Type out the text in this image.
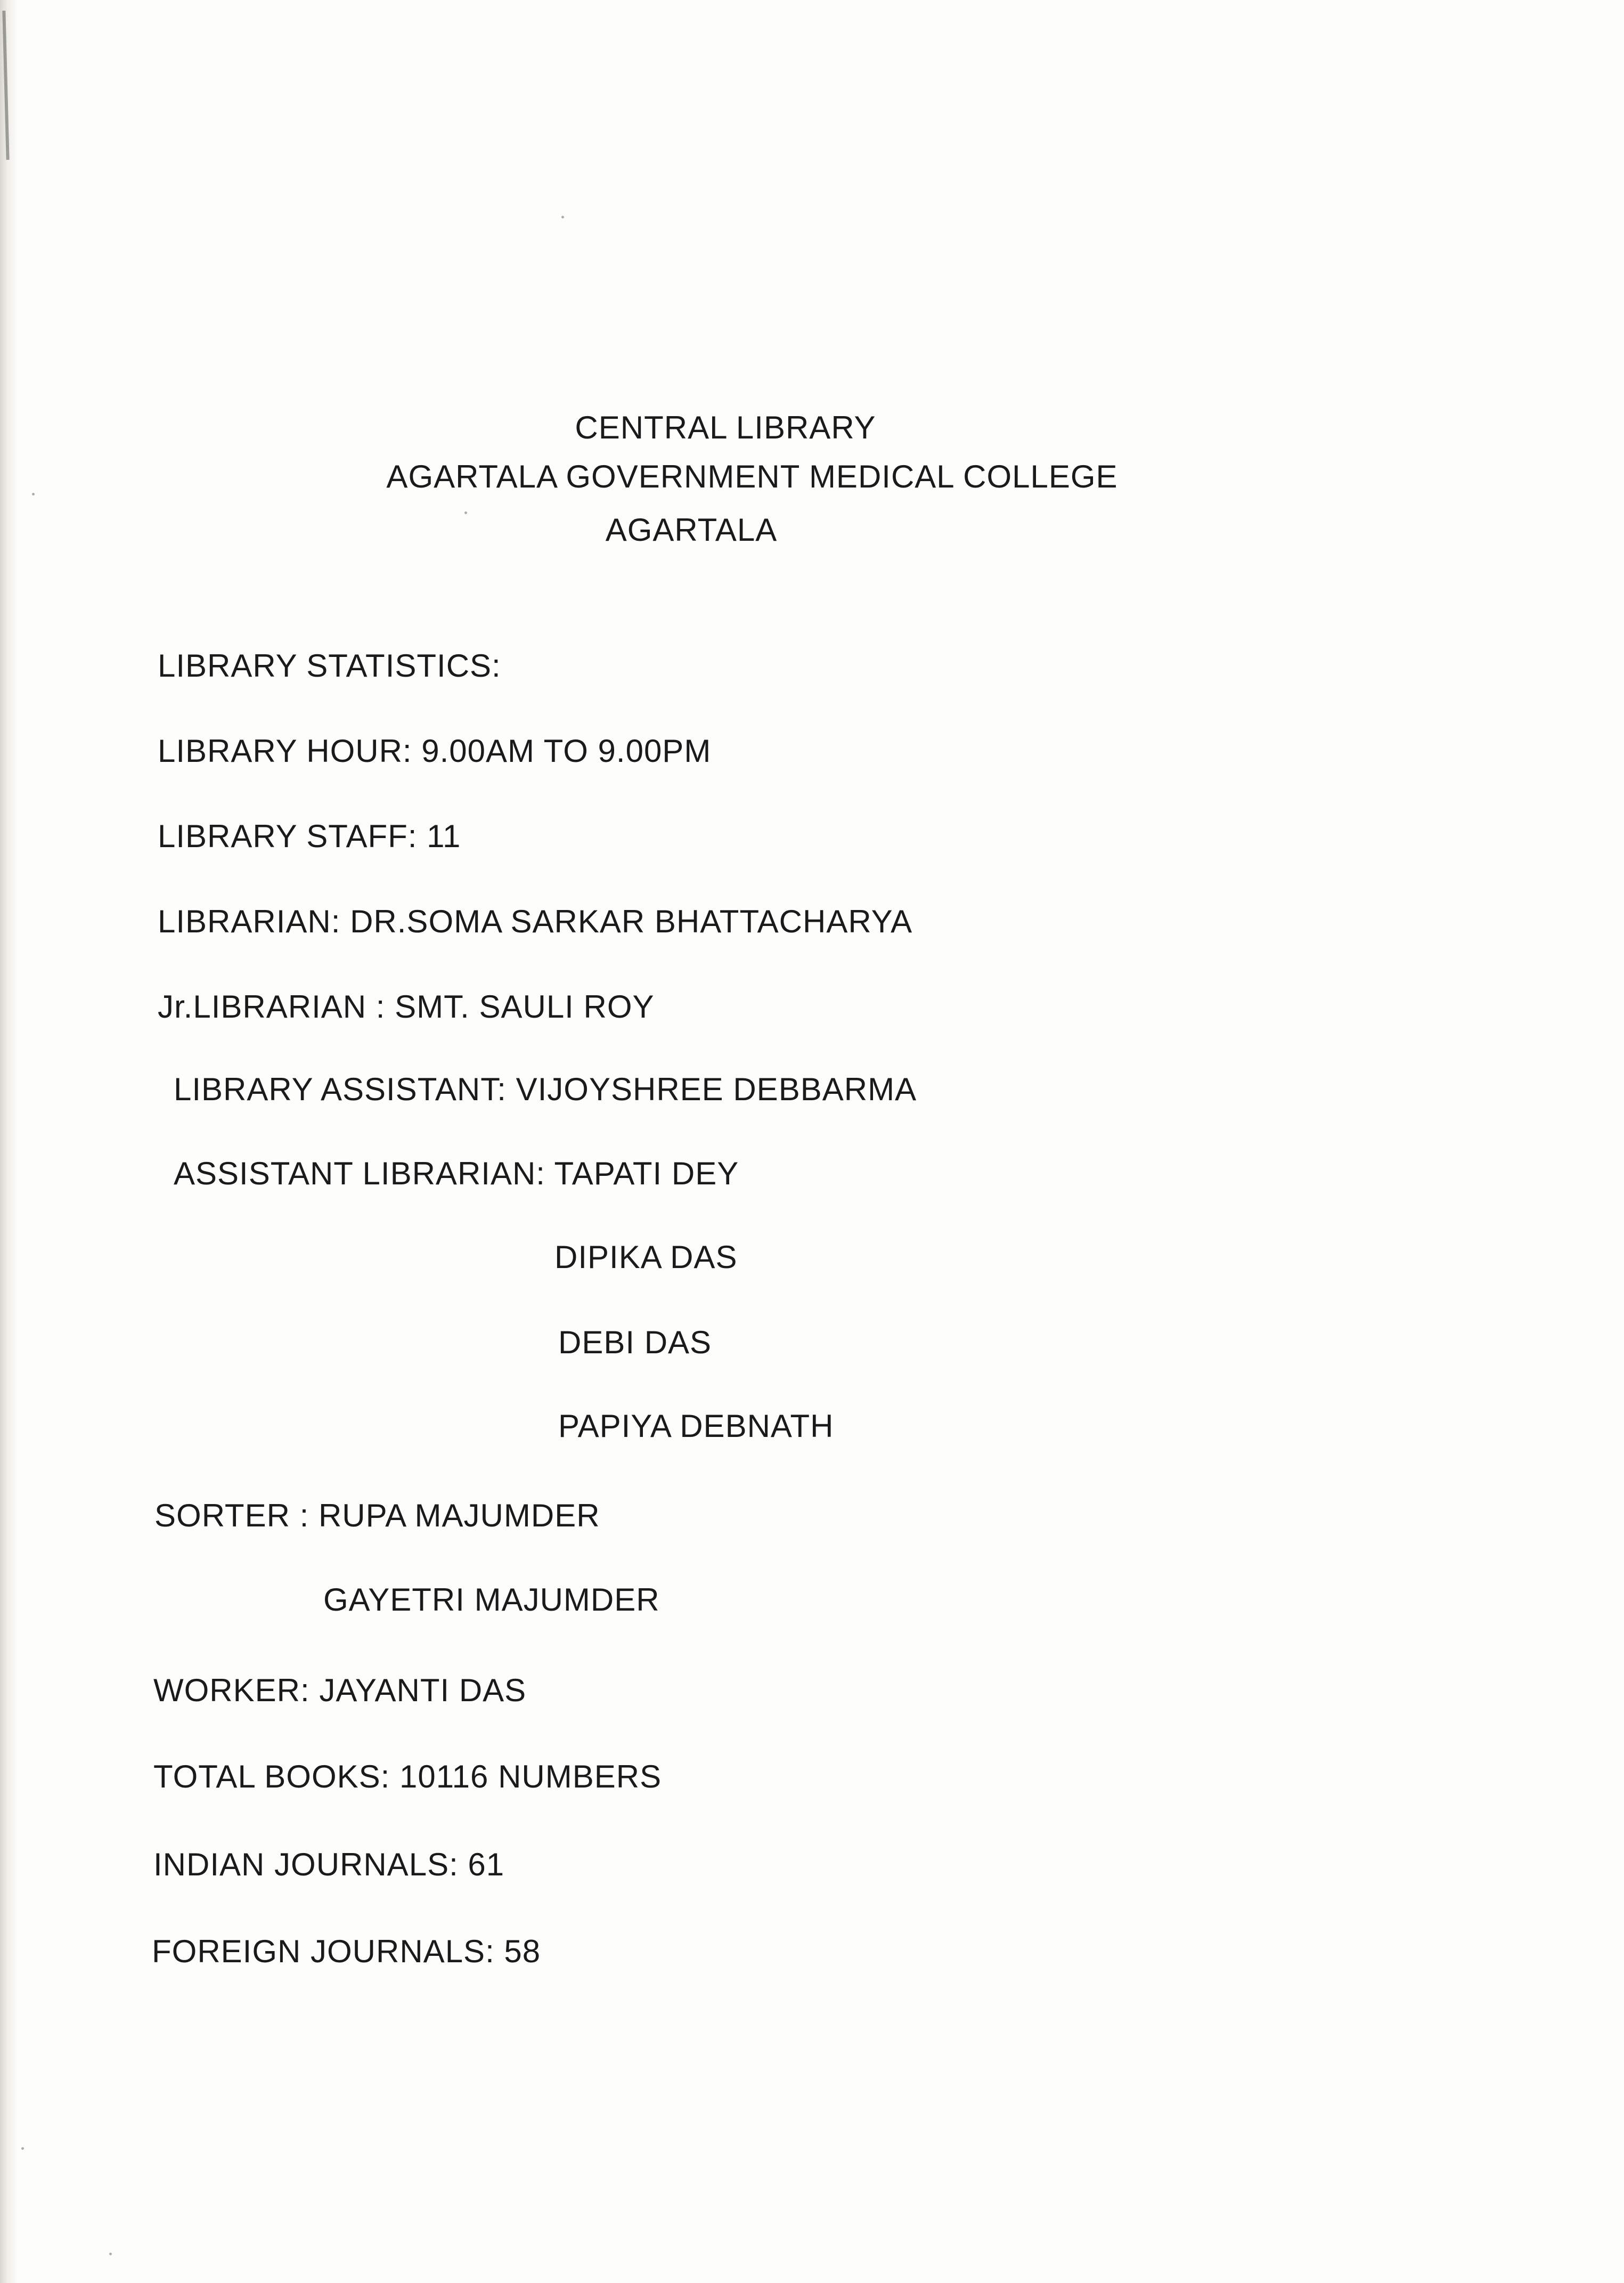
CENTRAL LIBRARY
AGARTALA GOVERNMENT MEDICAL COLLEGE
AGARTALA
LIBRARY STATISTICS:
LIBRARY HOUR: 9.00AM TO 9.00PM
LIBRARY STAFF: 11
LIBRARIAN: DR.SOMA SARKAR BHATTACHARYA
Jr.LIBRARIAN : SMT. SAULI ROY
LIBRARY ASSISTANT: VIJOYSHREE DEBBARMA
ASSISTANT LIBRARIAN: TAPATI DEY
DIPIKA DAS
DEBI DAS
PAPIYA DEBNATH
SORTER : RUPA MAJUMDER
GAYETRI MAJUMDER
WORKER: JAYANTI DAS
TOTAL BOOKS: 10116 NUMBERS
INDIAN JOURNALS: 61
FOREIGN JOURNALS: 58
